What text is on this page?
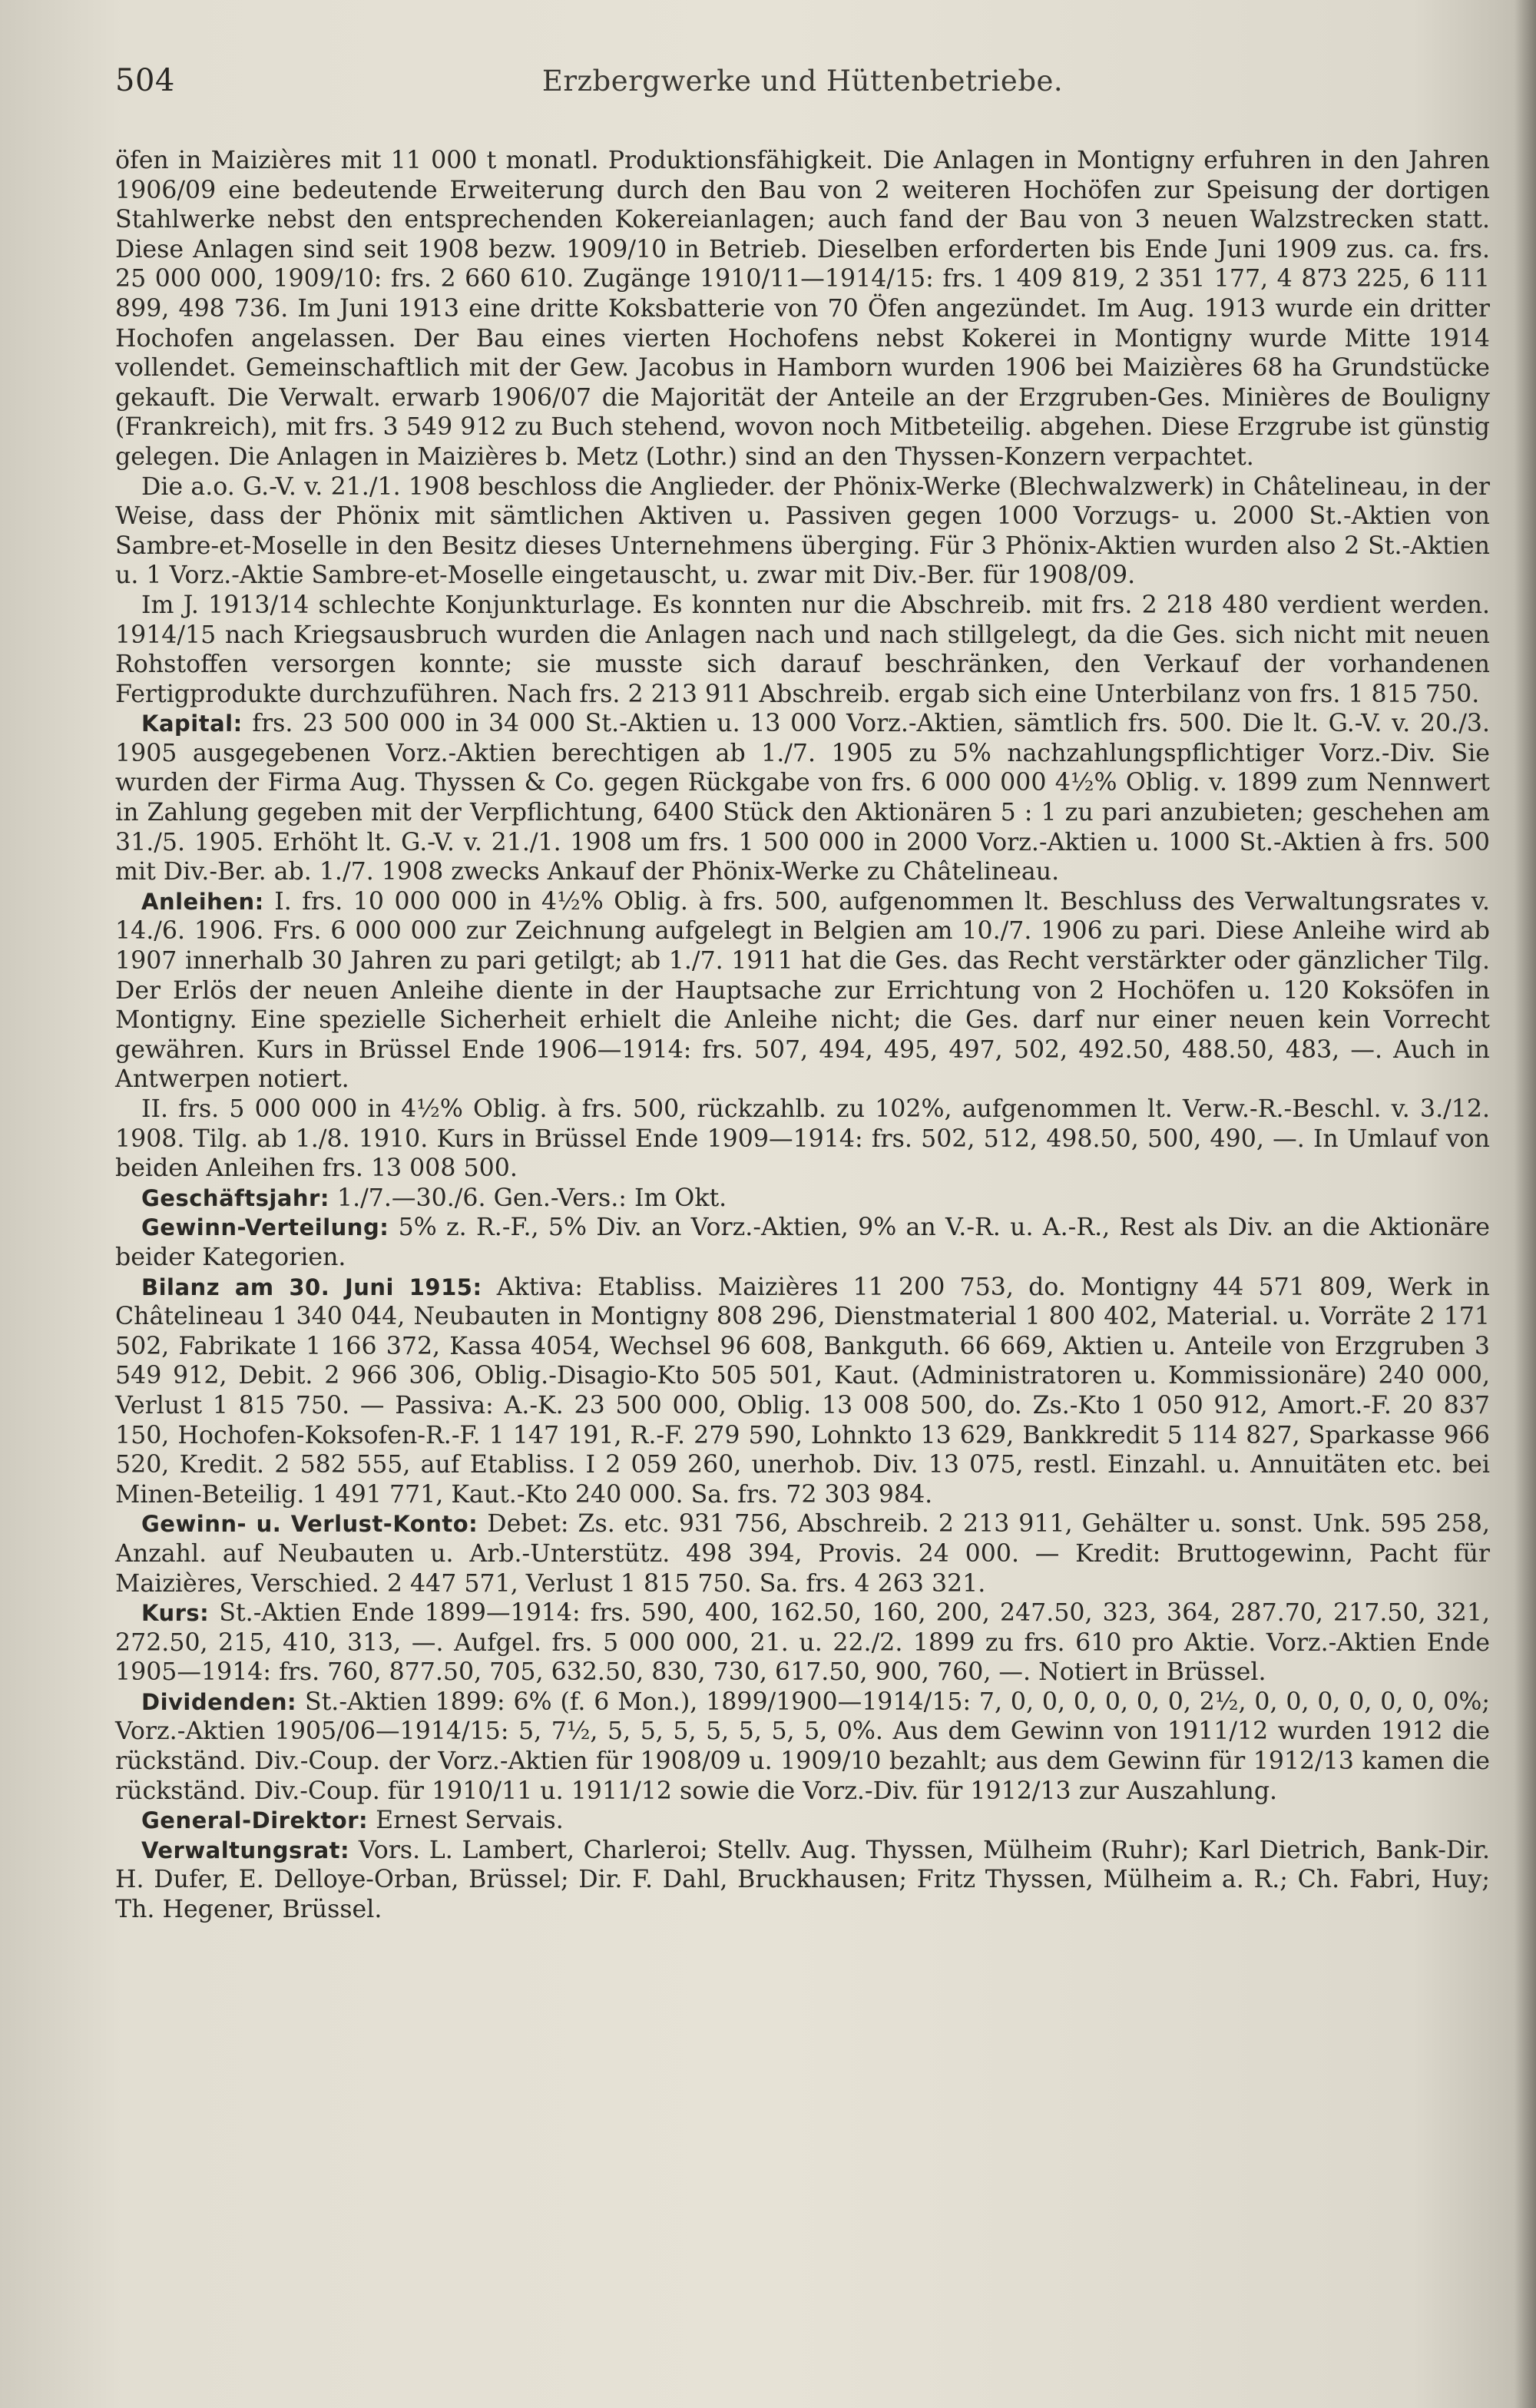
504	Erzbergwerke und Hüttenbetriebe.

öfen in Maizières mit 11 000 t monatl. Produktionsfähigkeit. Die Anlagen in Montigny erfuhren in den Jahren 1906/09 eine bedeutende Erweiterung durch den Bau von 2 weiteren Hochöfen zur Speisung der dortigen Stahlwerke nebst den entsprechenden Kokereianlagen; auch fand der Bau von 3 neuen Walzstrecken statt. Diese Anlagen sind seit 1908 bezw. 1909/10 in Betrieb. Dieselben erforderten bis Ende Juni 1909 zus. ca. frs. 25 000 000, 1909/10: frs. 2 660 610. Zugänge 1910/11—1914/15: frs. 1 409 819, 2 351 177, 4 873 225, 6 111 899, 498 736. Im Juni 1913 eine dritte Koksbatterie von 70 Öfen angezündet. Im Aug. 1913 wurde ein dritter Hochofen angelassen. Der Bau eines vierten Hochofens nebst Kokerei in Montigny wurde Mitte 1914 vollendet. Gemeinschaftlich mit der Gew. Jacobus in Hamborn wurden 1906 bei Maizières 68 ha Grundstücke gekauft. Die Verwalt. erwarb 1906/07 die Majorität der Anteile an der Erzgruben-Ges. Minières de Bouligny (Frankreich), mit frs. 3 549 912 zu Buch stehend, wovon noch Mitbeteilig. abgehen. Diese Erzgrube ist günstig gelegen. Die Anlagen in Maizières b. Metz (Lothr.) sind an den Thyssen-Konzern verpachtet.

Die a.o. G.-V. v. 21./1. 1908 beschloss die Anglieder. der Phönix-Werke (Blechwalzwerk) in Châtelineau, in der Weise, dass der Phönix mit sämtlichen Aktiven u. Passiven gegen 1000 Vorzugs- u. 2000 St.-Aktien von Sambre-et-Moselle in den Besitz dieses Unternehmens überging. Für 3 Phönix-Aktien wurden also 2 St.-Aktien u. 1 Vorz.-Aktie Sambre-et-Moselle eingetauscht, u. zwar mit Div.-Ber. für 1908/09.

Im J. 1913/14 schlechte Konjunkturlage. Es konnten nur die Abschreib. mit frs. 2 218 480 verdient werden. 1914/15 nach Kriegsausbruch wurden die Anlagen nach und nach stillgelegt, da die Ges. sich nicht mit neuen Rohstoffen versorgen konnte; sie musste sich darauf beschränken, den Verkauf der vorhandenen Fertigprodukte durchzuführen. Nach frs. 2 213 911 Abschreib. ergab sich eine Unterbilanz von frs. 1 815 750.

Kapital: frs. 23 500 000 in 34 000 St.-Aktien u. 13 000 Vorz.-Aktien, sämtlich frs. 500. Die lt. G.-V. v. 20./3. 1905 ausgegebenen Vorz.-Aktien berechtigen ab 1./7. 1905 zu 5% nachzahlungspflichtiger Vorz.-Div. Sie wurden der Firma Aug. Thyssen & Co. gegen Rückgabe von frs. 6 000 000 4½% Oblig. v. 1899 zum Nennwert in Zahlung gegeben mit der Verpflichtung, 6400 Stück den Aktionären 5 : 1 zu pari anzubieten; geschehen am 31./5. 1905. Erhöht lt. G.-V. v. 21./1. 1908 um frs. 1 500 000 in 2000 Vorz.-Aktien u. 1000 St.-Aktien à frs. 500 mit Div.-Ber. ab. 1./7. 1908 zwecks Ankauf der Phönix-Werke zu Châtelineau.

Anleihen: I. frs. 10 000 000 in 4½% Oblig. à frs. 500, aufgenommen lt. Beschluss des Verwaltungsrates v. 14./6. 1906. Frs. 6 000 000 zur Zeichnung aufgelegt in Belgien am 10./7. 1906 zu pari. Diese Anleihe wird ab 1907 innerhalb 30 Jahren zu pari getilgt; ab 1./7. 1911 hat die Ges. das Recht verstärkter oder gänzlicher Tilg. Der Erlös der neuen Anleihe diente in der Hauptsache zur Errichtung von 2 Hochöfen u. 120 Koksöfen in Montigny. Eine spezielle Sicherheit erhielt die Anleihe nicht; die Ges. darf nur einer neuen kein Vorrecht gewähren. Kurs in Brüssel Ende 1906—1914: frs. 507, 494, 495, 497, 502, 492.50, 488.50, 483, —. Auch in Antwerpen notiert.

II. frs. 5 000 000 in 4½% Oblig. à frs. 500, rückzahlb. zu 102%, aufgenommen lt. Verw.-R.-Beschl. v. 3./12. 1908. Tilg. ab 1./8. 1910. Kurs in Brüssel Ende 1909—1914: frs. 502, 512, 498.50, 500, 490, —. In Umlauf von beiden Anleihen frs. 13 008 500.

Geschäftsjahr: 1./7.—30./6. Gen.-Vers.: Im Okt.

Gewinn-Verteilung: 5% z. R.-F., 5% Div. an Vorz.-Aktien, 9% an V.-R. u. A.-R., Rest als Div. an die Aktionäre beider Kategorien.

Bilanz am 30. Juni 1915: Aktiva: Etabliss. Maizières 11 200 753, do. Montigny 44 571 809, Werk in Châtelineau 1 340 044, Neubauten in Montigny 808 296, Dienstmaterial 1 800 402, Material. u. Vorräte 2 171 502, Fabrikate 1 166 372, Kassa 4054, Wechsel 96 608, Bankguth. 66 669, Aktien u. Anteile von Erzgruben 3 549 912, Debit. 2 966 306, Oblig.-Disagio-Kto 505 501, Kaut. (Administratoren u. Kommissionäre) 240 000, Verlust 1 815 750. — Passiva: A.-K. 23 500 000, Oblig. 13 008 500, do. Zs.-Kto 1 050 912, Amort.-F. 20 837 150, Hochofen-Koksofen-R.-F. 1 147 191, R.-F. 279 590, Lohnkto 13 629, Bankkredit 5 114 827, Sparkasse 966 520, Kredit. 2 582 555, auf Etabliss. I 2 059 260, unerhob. Div. 13 075, restl. Einzahl. u. Annuitäten etc. bei Minen-Beteilig. 1 491 771, Kaut.-Kto 240 000. Sa. frs. 72 303 984.

Gewinn- u. Verlust-Konto: Debet: Zs. etc. 931 756, Abschreib. 2 213 911, Gehälter u. sonst. Unk. 595 258, Anzahl. auf Neubauten u. Arb.-Unterstütz. 498 394, Provis. 24 000. — Kredit: Bruttogewinn, Pacht für Maizières, Verschied. 2 447 571, Verlust 1 815 750. Sa. frs. 4 263 321.

Kurs: St.-Aktien Ende 1899—1914: frs. 590, 400, 162.50, 160, 200, 247.50, 323, 364, 287.70, 217.50, 321, 272.50, 215, 410, 313, —. Aufgel. frs. 5 000 000, 21. u. 22./2. 1899 zu frs. 610 pro Aktie. Vorz.-Aktien Ende 1905—1914: frs. 760, 877.50, 705, 632.50, 830, 730, 617.50, 900, 760, —. Notiert in Brüssel.

Dividenden: St.-Aktien 1899: 6% (f. 6 Mon.), 1899/1900—1914/15: 7, 0, 0, 0, 0, 0, 0, 2½, 0, 0, 0, 0, 0, 0, 0%; Vorz.-Aktien 1905/06—1914/15: 5, 7½, 5, 5, 5, 5, 5, 5, 5, 0%. Aus dem Gewinn von 1911/12 wurden 1912 die rückständ. Div.-Coup. der Vorz.-Aktien für 1908/09 u. 1909/10 bezahlt; aus dem Gewinn für 1912/13 kamen die rückständ. Div.-Coup. für 1910/11 u. 1911/12 sowie die Vorz.-Div. für 1912/13 zur Auszahlung.

General-Direktor: Ernest Servais.

Verwaltungsrat: Vors. L. Lambert, Charleroi; Stellv. Aug. Thyssen, Mülheim (Ruhr); Karl Dietrich, Bank-Dir. H. Dufer, E. Delloye-Orban, Brüssel; Dir. F. Dahl, Bruckhausen; Fritz Thyssen, Mülheim a. R.; Ch. Fabri, Huy; Th. Hegener, Brüssel.
